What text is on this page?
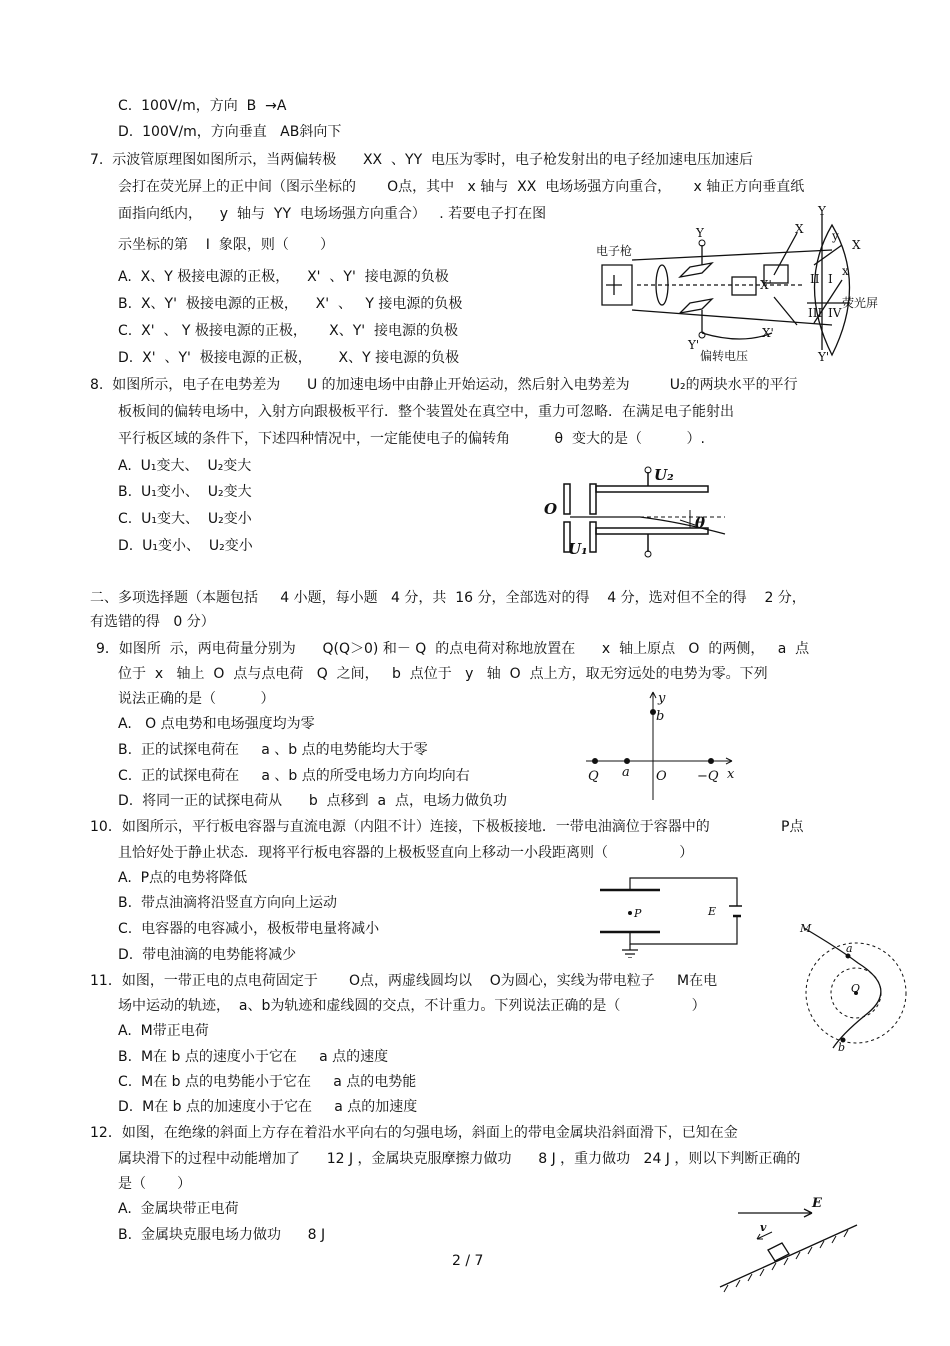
C.  100V/m，方向  B  →A
D.  100V/m，方向垂直   AB斜向下
7.  示波管原理图如图所示，当两偏转极      XX  、YY  电压为零时，电子枪发射出的电子经加速电压加速后
会打在荧光屏上的正中间（图示坐标的       O点，其中   x 轴与  XX  电场场强方向重合，     x 轴正方向垂直纸
面指向纸内，    y  轴与  YY  电场场强方向重合）   . 若要电子打在图
示坐标的第    I  象限，则（       ）
A.  X、Y 极接电源的正极，    X'  、Y'  接电源的负极
B.  X、Y'  极接电源的正极，    X'  、   Y 接电源的负极
C.  X'  、 Y 极接电源的正极，     X、Y'  接电源的负极
D.  X'  、Y'  极接电源的正极，      X、Y 接电源的负极
8.  如图所示，电子在电势差为      U 的加速电场中由静止开始运动，然后射入电势差为         U₂的两块水平的平行
板板间的偏转电场中，入射方向跟极板平行．整个装置处在真空中，重力可忽略．在满足电子能射出
平行板区域的条件下，下述四种情况中，一定能使电子的偏转角          θ  变大的是（          ）.
A.  U₁变大、  U₂变大
B.  U₁变小、  U₂变大
C.  U₁变大、  U₂变小
D.  U₁变小、  U₂变小
二、多项选择题（本题包括     4 小题，每小题   4 分，共  16 分，全部选对的得    4 分，选对但不全的得    2 分，
有选错的得   0 分）
9．如图所  示，两电荷量分别为      Q(Q＞0) 和－ Q  的点电荷对称地放置在      x  轴上原点   O  的两侧，   a  点
位于  x   轴上  O  点与点电荷   Q  之间，   b  点位于   y   轴  O  点上方，取无穷远处的电势为零。下列
说法正确的是（          ）
A.   O 点电势和电场强度均为零
B.  正的试探电荷在     a 、b 点的电势能均大于零
C.  正的试探电荷在     a 、b 点的所受电场力方向均向右
D.  将同一正的试探电荷从      b  点移到  a  点，电场力做负功
10．如图所示，平行板电容器与直流电源（内阻不计）连接，下极板接地．一带电油滴位于容器中的                P点
且恰好处于静止状态．现将平行板电容器的上极板竖直向上移动一小段距离则（                ）
A.  P点的电势将降低
B.  带点油滴将沿竖直方向向上运动
C.  电容器的电容减小，极板带电量将减小
D.  带电油滴的电势能将减少
11．如图，一带正电的点电荷固定于       O点，两虚线圆均以    O为圆心，实线为带电粒子     M在电
场中运动的轨迹，  a、b为轨迹和虚线圆的交点，不计重力。下列说法正确的是（                ）
A.  M带正电荷
B.  M在 b 点的速度小于它在     a 点的速度
C.  M在 b 点的电势能小于它在     a 点的电势能
D.  M在 b 点的加速度小于它在     a 点的加速度
12．如图，在绝缘的斜面上方存在着沿水平向右的匀强电场，斜面上的带电金属块沿斜面滑下，已知在金
属块滑下的过程中动能增加了      12 J ，金属块克服摩擦力做功      8 J ，重力做功   24 J ，则以下判断正确的
是（       ）
A.  金属块带正电荷
B.  金属块克服电场力做功      8 J
电子枪
荧光屏
偏转电压
Y
Y'
X
X'
Y
Y'
X
X'	I
II
III IV
x
y
O
U₁
U₂
θ
Q a O −Q x
y
b
P	E
M
a
O
b
E
v
2 / 7
